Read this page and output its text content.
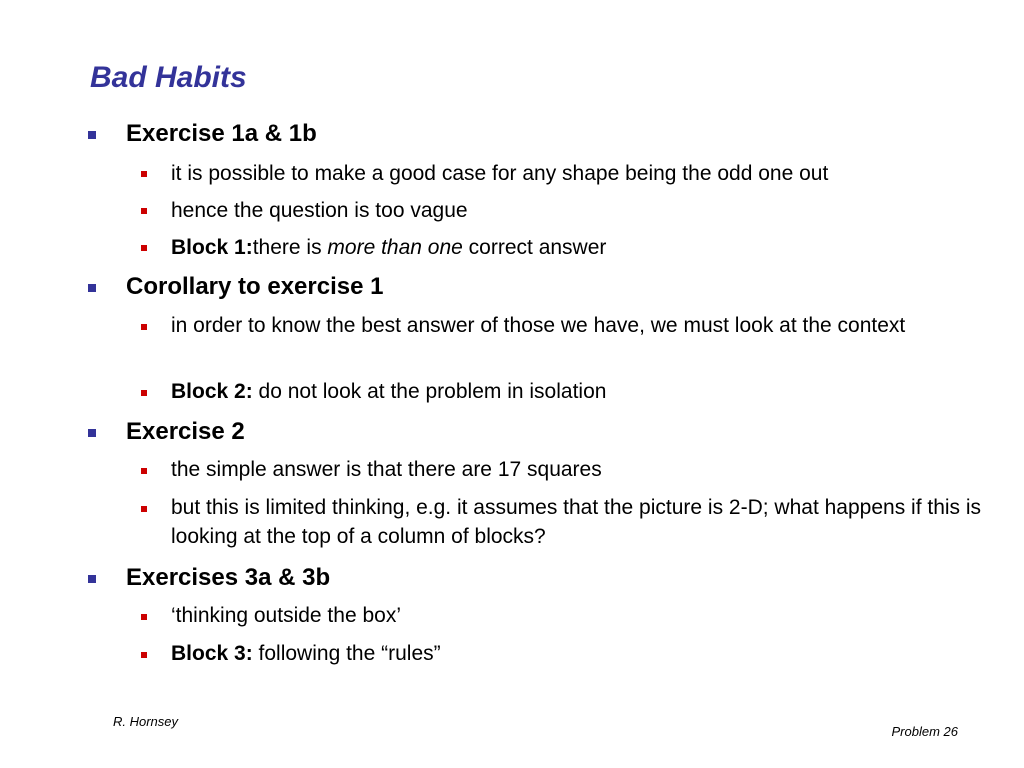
Bad Habits

Exercise 1a & 1b

it is possible to make a good case for any shape being the odd one out

hence the question is too vague

Block 1:there is more than one correct answer

Corollary to exercise 1

in order to know the best answer of those we have, we must look at the context

Block 2: do not look at the problem in isolation

Exercise 2

the simple answer is that there are 17 squares

but this is limited thinking, e.g. it assumes that the picture is 2-D; what happens if this is looking at the top of a column of blocks?

Exercises 3a & 3b

‘thinking outside the box’

Block 3: following the “rules”

R. Hornsey
Problem 26
